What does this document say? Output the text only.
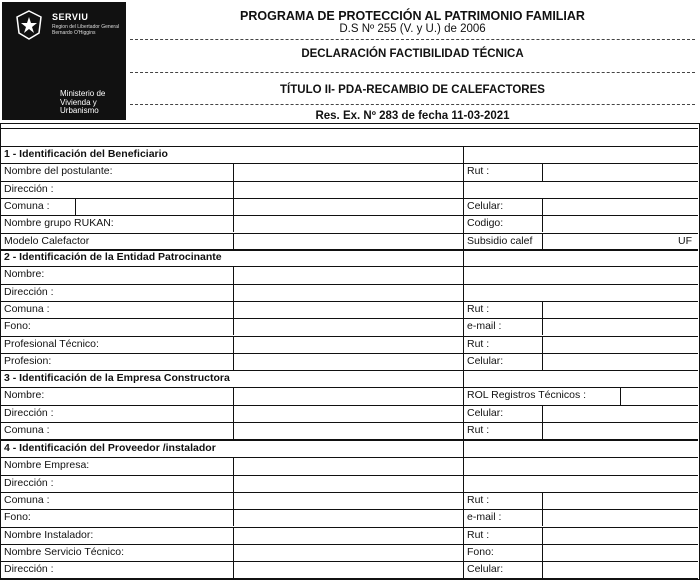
SERVIU
Region del Libertador General Bernardo O'Higgins
Ministerio de Vivienda y Urbanismo
PROGRAMA DE PROTECCIÓN AL PATRIMONIO FAMILIAR
D.S Nº 255 (V. y U.) de 2006
DECLARACIÓN FACTIBILIDAD TÉCNICA
TÍTULO II- PDA-RECAMBIO DE CALEFACTORES
Res. Ex. Nº 283 de fecha 11-03-2021
1 - Identificación del Beneficiario
Nombre del postulante:	Rut :
Dirección :
Comuna :	Celular:
Nombre grupo RUKAN:	Codigo:
Modelo Calefactor	Subsidio calef	UF
2 - Identificación de la Entidad Patrocinante
Nombre:
Dirección :
Comuna :	Rut :
Fono:	e-mail :
Profesional Técnico:	Rut :
Profesion:	Celular:
3 - Identificación de la Empresa Constructora
Nombre:	ROL Registros Técnicos :
Dirección :	Celular:
Comuna :	Rut :
4 - Identificación del Proveedor /instalador
Nombre Empresa:
Dirección :
Comuna :	Rut :
Fono:	e-mail :
Nombre Instalador:	Rut :
Nombre Servicio Técnico:	Fono:
Dirección :	Celular:
